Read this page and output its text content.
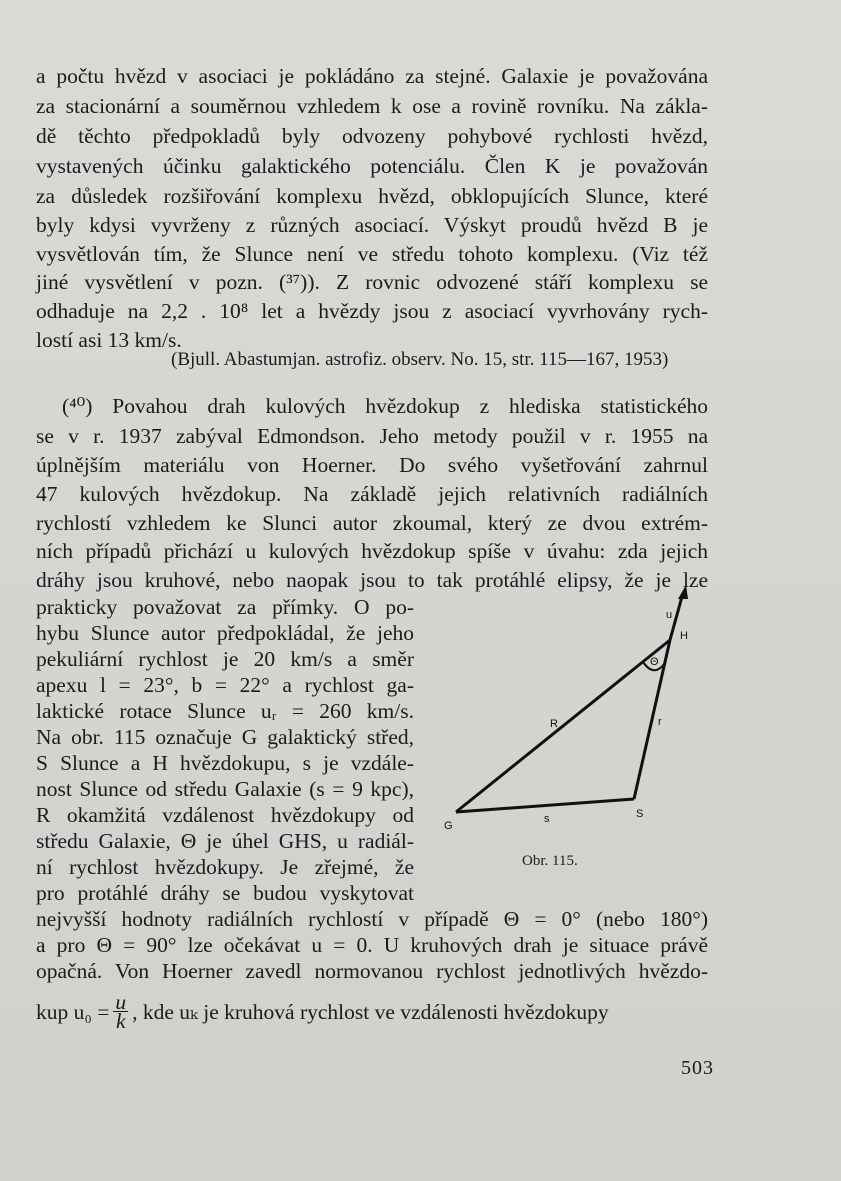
a počtu hvězd v asociaci je pokládáno za stejné. Galaxie je považována
za stacionární a souměrnou vzhledem k ose a rovině rovníku. Na zákla-
dě těchto předpokladů byly odvozeny pohybové rychlosti hvězd,
vystavených účinku galaktického potenciálu. Člen K je považován
za důsledek rozšiřování komplexu hvězd, obklopujících Slunce, které
byly kdysi vyvrženy z různých asociací. Výskyt proudů hvězd B je
vysvětlován tím, že Slunce není ve středu tohoto komplexu. (Viz též
jiné vysvětlení v pozn. (³⁷)). Z rovnic odvozené stáří komplexu se
odhaduje na 2,2 . 10⁸ let a hvězdy jsou z asociací vyvrhovány rych-
lostí asi 13 km/s.
(Bjull. Abastumjan. astrofiz. observ. No. 15, str. 115—167, 1953)
(⁴⁰) Povahou drah kulových hvězdokup z hlediska statistického
se v r. 1937 zabýval Edmondson. Jeho metody použil v r. 1955 na
úplnějším materiálu von Hoerner. Do svého vyšetřování zahrnul
47 kulových hvězdokup. Na základě jejich relativních radiálních
rychlostí vzhledem ke Slunci autor zkoumal, který ze dvou extrém-
ních případů přichází u kulových hvězdokup spíše v úvahu: zda jejich
dráhy jsou kruhové, nebo naopak jsou to tak protáhlé elipsy, že je lze
prakticky považovat za přímky. O po-
hybu Slunce autor předpokládal, že jeho
pekuliární rychlost je 20 km/s a směr
apexu l = 23°, b = 22° a rychlost ga-
laktické rotace Slunce uᵣ = 260 km/s.
Na obr. 115 označuje G galaktický střed,
S Slunce a H hvězdokupu, s je vzdále-
nost Slunce od středu Galaxie (s = 9 kpc),
R okamžitá vzdálenost hvězdokupy od
středu Galaxie, Θ je úhel GHS, u radiál-
ní rychlost hvězdokupy. Je zřejmé, že
pro protáhlé dráhy se budou vyskytovat
nejvyšší hodnoty radiálních rychlostí v případě Θ = 0° (nebo 180°)
a pro Θ = 90° lze očekávat u = 0. U kruhových drah je situace právě
opačná. Von Hoerner zavedl normovanou rychlost jednotlivých hvězdo-
kup $u_0 = \frac{u}{k}$ , kde uₖ je kruhová rychlost ve vzdálenosti hvězdokupy
G
S
H
R	r
s
u
Θ
Obr. 115.
503
